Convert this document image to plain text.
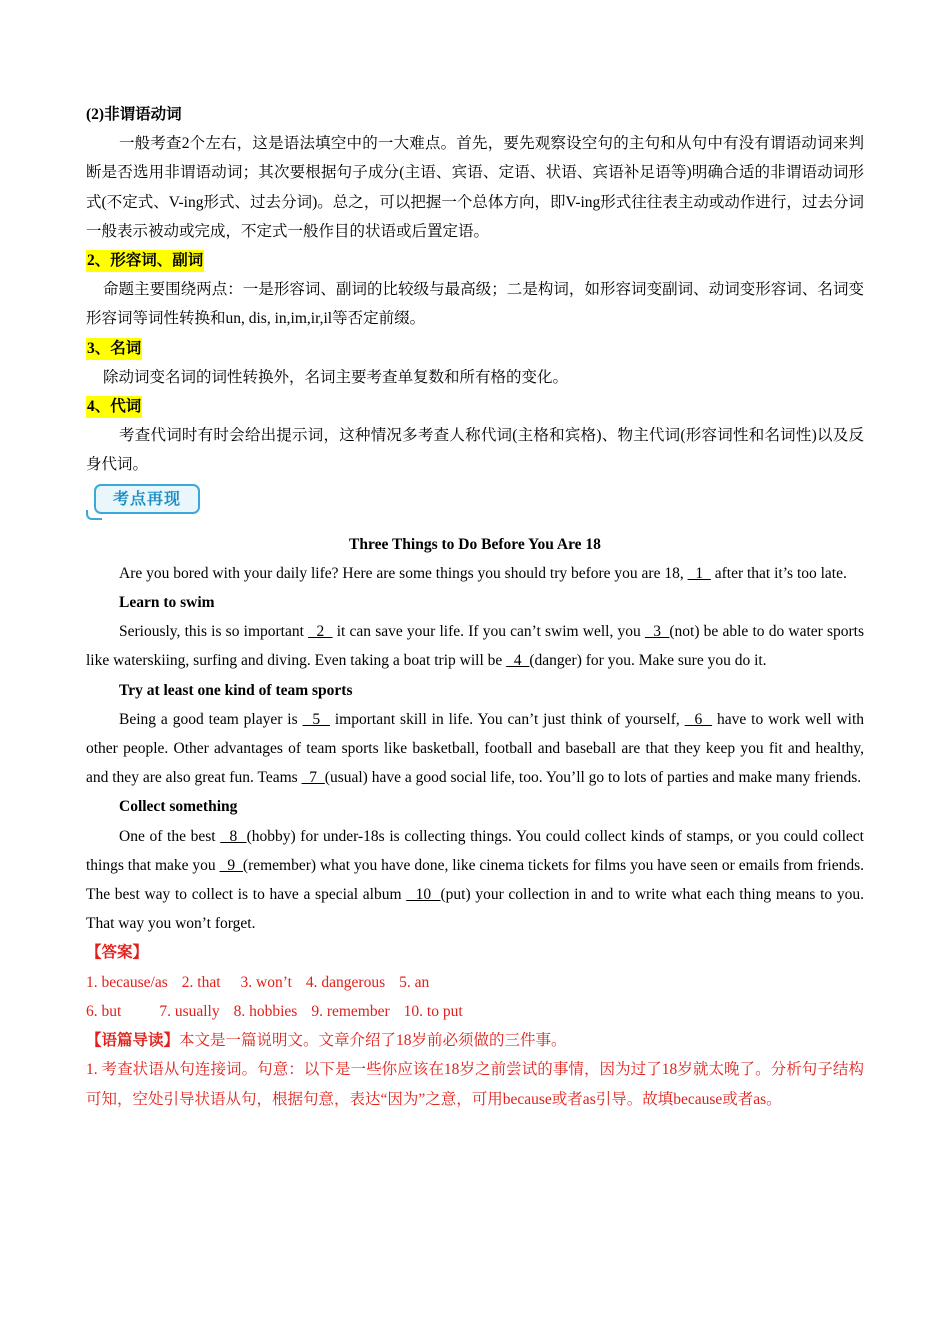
(2)非谓语动词

一般考查2个左右，这是语法填空中的一大难点。首先，要先观察设空句的主句和从句中有没有谓语动词来判断是否选用非谓语动词；其次要根据句子成分(主语、宾语、定语、状语、宾语补足语等)明确合适的非谓语动词形式(不定式、V-ing形式、过去分词)。总之，可以把握一个总体方向，即V-ing形式往往表主动或动作进行，过去分词一般表示被动或完成，不定式一般作目的状语或后置定语。

2、形容词、副词

命题主要围绕两点：一是形容词、副词的比较级与最高级；二是构词，如形容词变副词、动词变形容词、名词变形容词等词性转换和un, dis, in,im,ir,il等否定前缀。

3、名词

除动词变名词的词性转换外，名词主要考查单复数和所有格的变化。

4、代词

考查代词时有时会给出提示词，这种情况多考查人称代词(主格和宾格)、物主代词(形容词性和名词性)以及反身代词。

考点再现

Three Things to Do Before You Are 18

Are you bored with your daily life? Here are some things you should try before you are 18,   1   after that it’s too late.

Learn to swim

Seriously, this is so important   2   it can save your life. If you can’t swim well, you   3  (not) be able to do water sports like waterskiing, surfing and diving. Even taking a boat trip will be   4  (danger) for you. Make sure you do it.

Try at least one kind of team sports

Being a good team player is   5   important skill in life. You can’t just think of yourself,   6   have to work well with other people. Other advantages of team sports like basketball, football and baseball are that they keep you fit and healthy, and they are also great fun. Teams   7  (usual) have a good social life, too. You’ll go to lots of parties and make many friends.

Collect something

One of the best   8  (hobby) for under-18s is collecting things. You could collect kinds of stamps, or you could collect things that make you   9  (remember) what you have done, like cinema tickets for films you have seen or emails from friends. The best way to collect is to have a special album   10  (put) your collection in and to write what each thing means to you. That way you won’t forget.

【答案】

1. because/as 2. that 3. won’t 4. dangerous 5. an

6. but 7. usually 8. hobbies 9. remember 10. to put

【语篇导读】本文是一篇说明文。文章介绍了18岁前必须做的三件事。

1. 考查状语从句连接词。句意：以下是一些你应该在18岁之前尝试的事情，因为过了18岁就太晚了。分析句子结构可知，空处引导状语从句，根据句意，表达“因为”之意，可用because或者as引导。故填because或者as。
